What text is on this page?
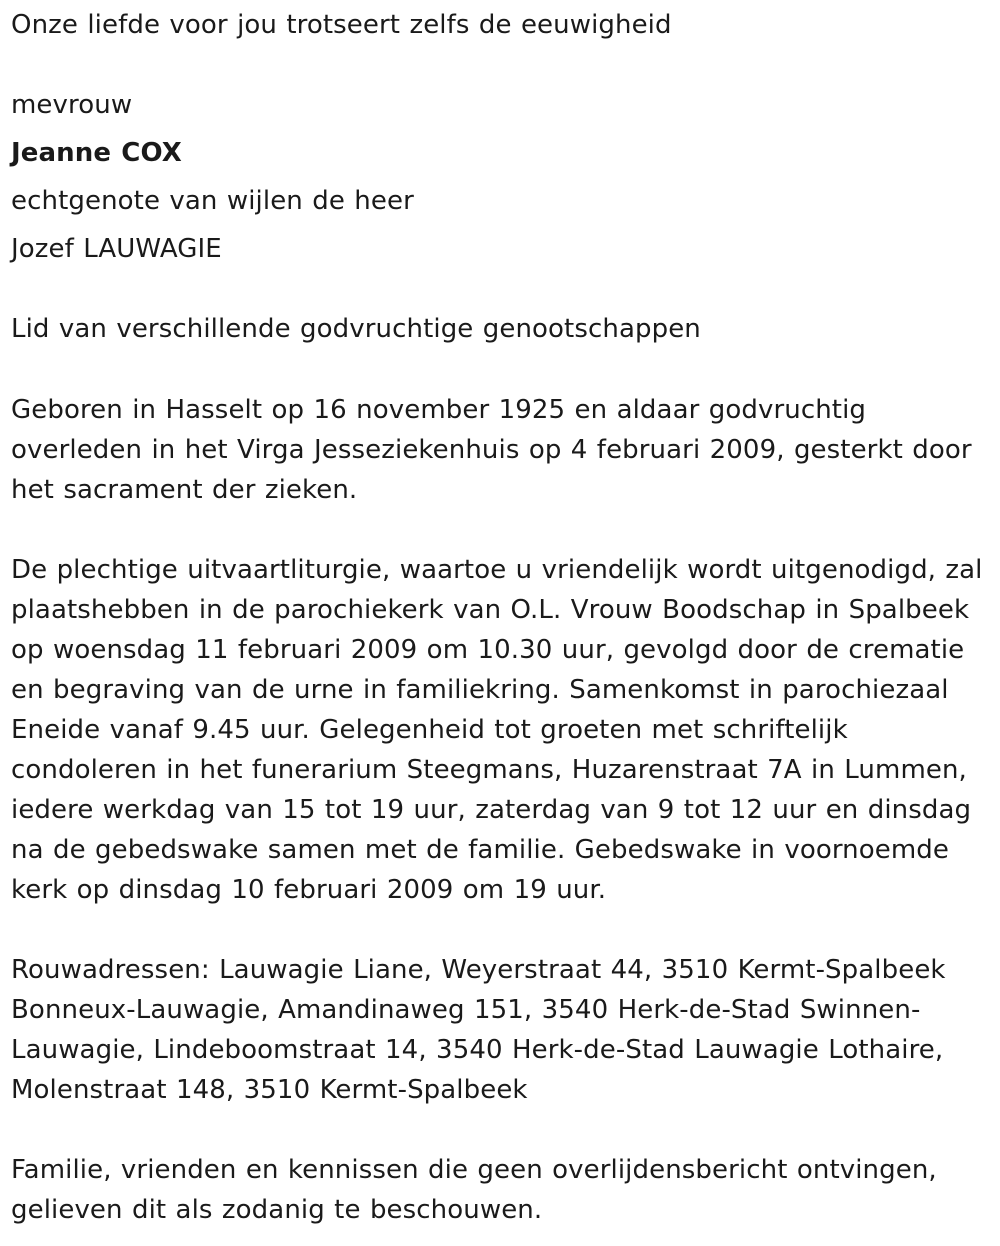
Onze liefde voor jou trotseert zelfs de eeuwigheid

mevrouw

Jeanne COX

echtgenote van wijlen de heer

Jozef LAUWAGIE

Lid van verschillende godvruchtige genootschappen

Geboren in Hasselt op 16 november 1925 en aldaar godvruchtig
overleden in het Virga Jesseziekenhuis op 4 februari 2009, gesterkt door
het sacrament der zieken.
De plechtige uitvaartliturgie, waartoe u vriendelijk wordt uitgenodigd, zal
plaatshebben in de parochiekerk van O.L. Vrouw Boodschap in Spalbeek
op woensdag 11 februari 2009 om 10.30 uur, gevolgd door de crematie
en begraving van de urne in familiekring. Samenkomst in parochiezaal
Eneide vanaf 9.45 uur. Gelegenheid tot groeten met schriftelijk
condoleren in het funerarium Steegmans, Huzarenstraat 7A in Lummen,
iedere werkdag van 15 tot 19 uur, zaterdag van 9 tot 12 uur en dinsdag
na de gebedswake samen met de familie. Gebedswake in voornoemde
kerk op dinsdag 10 februari 2009 om 19 uur.
Rouwadressen: Lauwagie Liane, Weyerstraat 44, 3510 Kermt-Spalbeek
Bonneux-Lauwagie, Amandinaweg 151, 3540 Herk-de-Stad Swinnen-
Lauwagie, Lindeboomstraat 14, 3540 Herk-de-Stad Lauwagie Lothaire,
Molenstraat 148, 3510 Kermt-Spalbeek
Familie, vrienden en kennissen die geen overlijdensbericht ontvingen,
gelieven dit als zodanig te beschouwen.
